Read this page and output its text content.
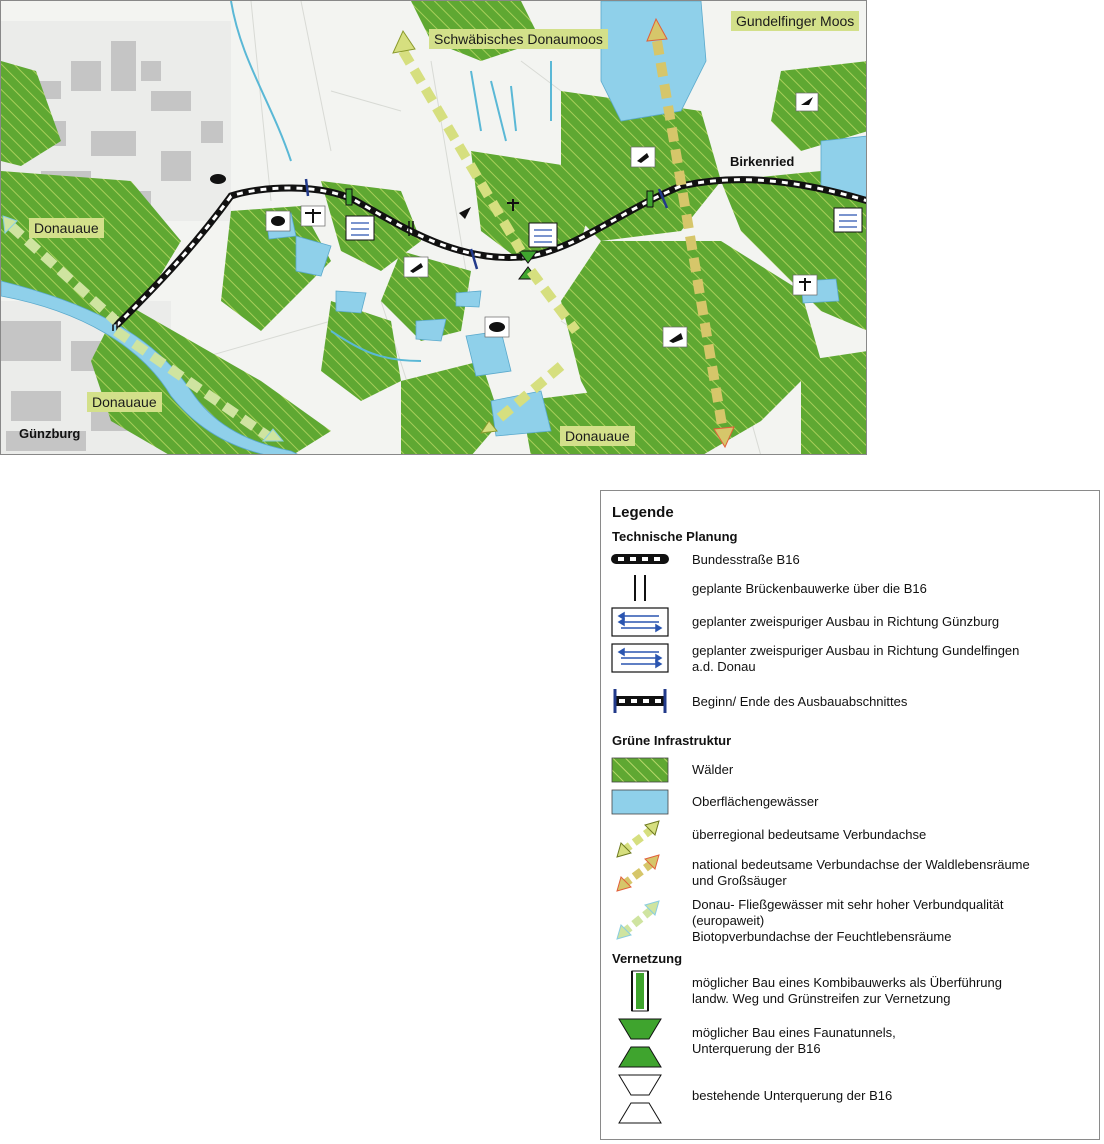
Schwäbisches Donaumoos
Gundelfinger Moos
Donauaue
Donauaue
Donauaue
Birkenried
Günzburg
Legende
Technische Planung
Bundesstraße B16
geplante Brückenbauwerke über die B16
geplanter zweispuriger Ausbau in Richtung Günzburg
geplanter zweispuriger Ausbau in Richtung Gundelfingen
a.d. Donau
Beginn/ Ende des Ausbauabschnittes
Grüne Infrastruktur
Wälder
Oberflächengewässer
überregional bedeutsame Verbundachse
national bedeutsame Verbundachse der Waldlebensräume
und Großsäuger
Donau- Fließgewässer mit sehr hoher Verbundqualität
(europaweit)
Biotopverbundachse der Feuchtlebensräume
Vernetzung
möglicher Bau eines Kombibauwerks als Überführung
landw. Weg und Grünstreifen zur Vernetzung
möglicher Bau eines Faunatunnels,
Unterquerung der B16
bestehende Unterquerung der B16
